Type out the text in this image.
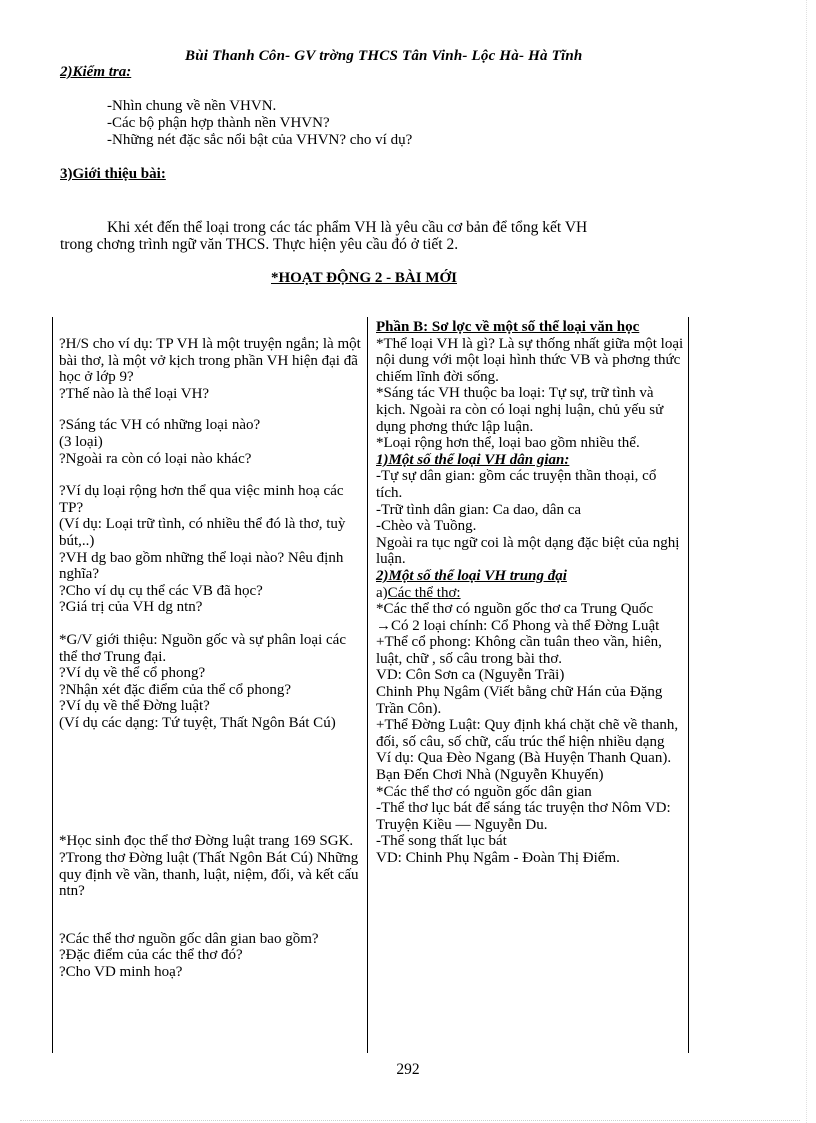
Bùi Thanh Côn- GV trờng THCS Tân Vinh- Lộc Hà- Hà Tĩnh
2)Kiểm tra:
-Nhìn chung về nền VHVN.
-Các bộ phận hợp thành nền VHVN?
-Những nét đặc sắc nổi bật của VHVN? cho ví dụ?
3)Giới thiệu bài:
Khi xét đến thể loại trong các tác phẩm VH là yêu cầu cơ bản để tổng kết VH
trong chơng trình ngữ văn THCS. Thực hiện yêu cầu đó ở tiết 2.
*HOẠT ĐỘNG 2 - BÀI MỚI
?H/S cho ví dụ: TP VH là một truyện ngắn; là một bài thơ, là một vở kịch trong phần VH hiện đại đã học ở lớp 9?
?Thế nào là thể loại VH?
?Sáng tác VH có những loại nào?
(3 loại)
?Ngoài ra còn có loại nào khác?
?Ví dụ loại rộng hơn thể qua việc minh hoạ các TP?
(Ví dụ: Loại trữ tình, có nhiều thể đó là thơ, tuỳ bút,..)
?VH dg bao gồm những thể loại nào? Nêu định nghĩa?
?Cho ví dụ cụ thể các VB đã học?
?Giá trị của VH dg ntn?
*G/V giới thiệu: Nguồn gốc và sự phân loại các thể thơ Trung đại.
?Ví dụ về thể cổ phong?
?Nhận xét đặc điểm của thể cổ phong?
?Ví dụ về thể Đờng luật?
(Ví dụ các dạng: Tứ tuyệt, Thất Ngôn Bát Cú)
*Học sinh đọc thể thơ Đờng luật trang 169 SGK.
?Trong thơ Đờng luật (Thất Ngôn Bát Cú) Những quy định về vần, thanh, luật, niệm, đối, và kết cấu ntn?
?Các thể thơ nguồn gốc dân gian bao gồm?
?Đặc điểm của các thể thơ đó?
?Cho VD minh hoạ?
Phần B: Sơ lợc về một số thể loại văn học
*Thể loại VH là gì? Là sự thống nhất giữa một loại nội dung với một loại hình thức VB và phơng thức chiếm lĩnh đời sống.
*Sáng tác VH thuộc ba loại: Tự sự, trữ tình và kịch. Ngoài ra còn có loại nghị luận, chủ yếu sử dụng phơng thức lập luận.
*Loại rộng hơn thể, loại bao gồm nhiều thể.
1)Một số thể loại VH dân gian:
-Tự sự dân gian: gồm các truyện thần thoại, cổ tích.
-Trữ tình dân gian: Ca dao, dân ca
-Chèo và Tuồng.
Ngoài ra tục ngữ coi là một dạng đặc biệt của nghị luận.
2)Một số thể loại VH trung đại
a)Các thể thơ:
*Các thể thơ có nguồn gốc thơ ca Trung Quốc
→Có 2 loại chính: Cổ Phong và thể Đờng Luật
+Thể cổ phong: Không cần tuân theo vần, hiên, luật, chữ , số câu trong bài thơ.
VD: Côn Sơn ca (Nguyễn Trãi)
Chinh Phụ Ngâm (Viết bằng chữ Hán của Đặng Trần Côn).
+Thể Đờng Luật: Quy định khá chặt chẽ về thanh, đối, số câu, số chữ, cấu trúc thể hiện nhiều dạng
Ví dụ: Qua Đèo Ngang (Bà Huyện Thanh Quan).
Bạn Đến Chơi Nhà (Nguyễn Khuyến)
*Các thể thơ có nguồn gốc dân gian
-Thể thơ lục bát để sáng tác truyện thơ Nôm VD: Truyện Kiều — Nguyễn Du.
-Thể song thất lục bát
VD: Chinh Phụ Ngâm - Đoàn Thị Điểm.
292
